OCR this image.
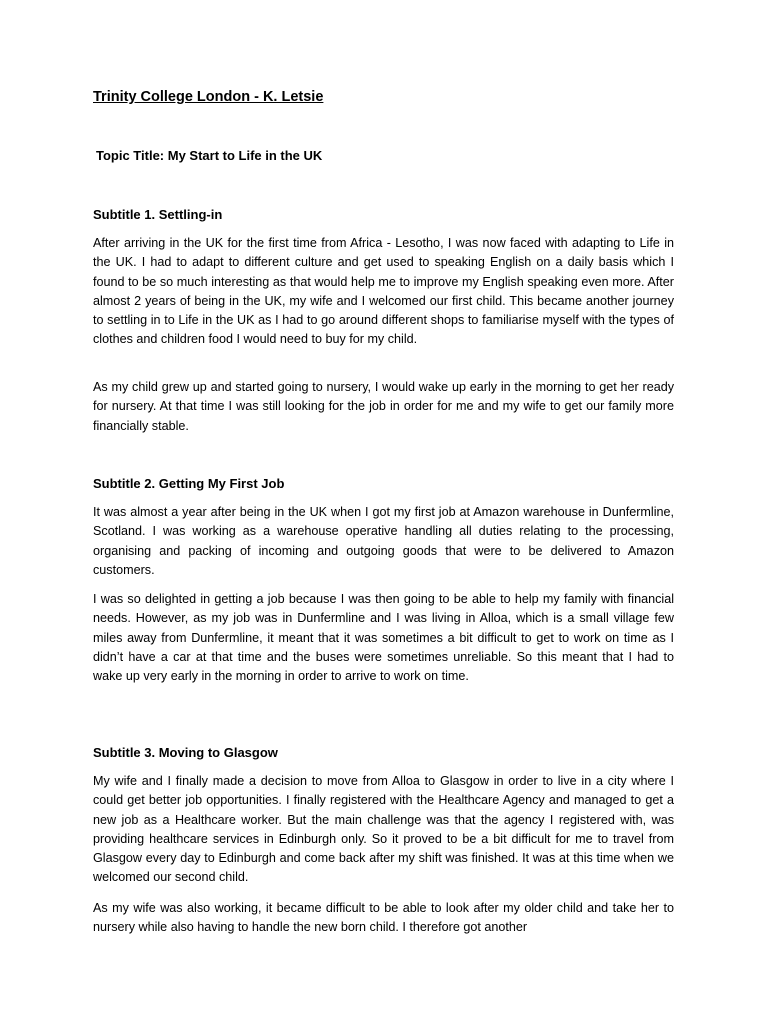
Trinity College London - K. Letsie
Topic Title: My Start to Life in the UK
Subtitle 1. Settling-in

After arriving in the UK for the first time from Africa - Lesotho, I was now faced with adapting to Life in the UK. I had to adapt to different culture and get used to speaking English on a daily basis which I found to be so much interesting as that would help me to improve my English speaking even more. After almost 2 years of being in the UK, my wife and I welcomed our first child. This became another journey to settling in to Life in the UK as I had to go around different shops to familiarise myself with the types of clothes and children food I would need to buy for my child.

As my child grew up and started going to nursery, I would wake up early in the morning to get her ready for nursery. At that time I was still looking for the job in order for me and my wife to get our family more financially stable.

Subtitle 2. Getting My First Job

It was almost a year after being in the UK when I got my first job at Amazon warehouse in Dunfermline, Scotland. I was working as a warehouse operative handling all duties relating to the processing, organising and packing of incoming and outgoing goods that were to be delivered to Amazon customers.

I was so delighted in getting a job because I was then going to be able to help my family with financial needs. However, as my job was in Dunfermline and I was living in Alloa, which is a small village few miles away from Dunfermline, it meant that it was sometimes a bit difficult to get to work on time as I didn’t have a car at that time and the buses were sometimes unreliable. So this meant that I had to wake up very early in the morning in order to arrive to work on time.

Subtitle 3. Moving to Glasgow

My wife and I finally made a decision to move from Alloa to Glasgow in order to live in a city where I could get better job opportunities. I finally registered with the Healthcare Agency and managed to get a new job as a Healthcare worker. But the main challenge was that the agency I registered with, was providing healthcare services in Edinburgh only. So it proved to be a bit difficult for me to travel from Glasgow every day to Edinburgh and come back after my shift was finished. It was at this time when we welcomed our second child.

As my wife was also working, it became difficult to be able to look after my older child and take her to nursery while also having to handle the new born child. I therefore got another
